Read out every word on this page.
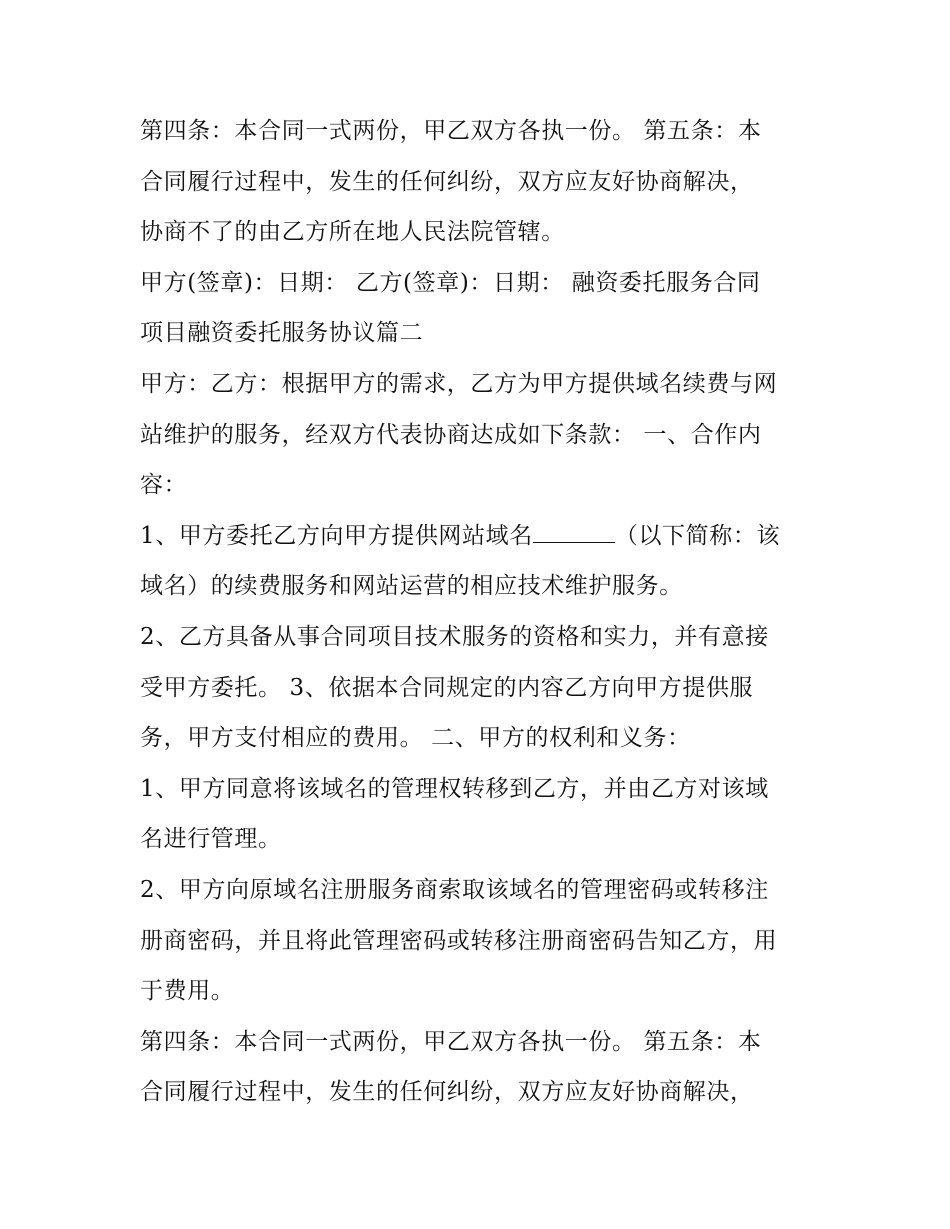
第四条：本合同一式两份，甲乙双方各执一份。 第五条：本
合同履行过程中，发生的任何纠纷，双方应友好协商解决，
协商不了的由乙方所在地人民法院管辖。
甲方(签章)：日期： 乙方(签章)：日期： 融资委托服务合同
项目融资委托服务协议篇二
甲方：乙方：根据甲方的需求，乙方为甲方提供域名续费与网
站维护的服务，经双方代表协商达成如下条款： 一、合作内
容：
1、甲方委托乙方向甲方提供网站域名	（以下简称：该
域名）的续费服务和网站运营的相应技术维护服务。
2、乙方具备从事合同项目技术服务的资格和实力，并有意接
受甲方委托。 3、依据本合同规定的内容乙方向甲方提供服
务，甲方支付相应的费用。 二、甲方的权利和义务：
1、甲方同意将该域名的管理权转移到乙方，并由乙方对该域
名进行管理。
2、甲方向原域名注册服务商索取该域名的管理密码或转移注
册商密码，并且将此管理密码或转移注册商密码告知乙方，用
于费用。
第四条：本合同一式两份，甲乙双方各执一份。 第五条：本
合同履行过程中，发生的任何纠纷，双方应友好协商解决，
